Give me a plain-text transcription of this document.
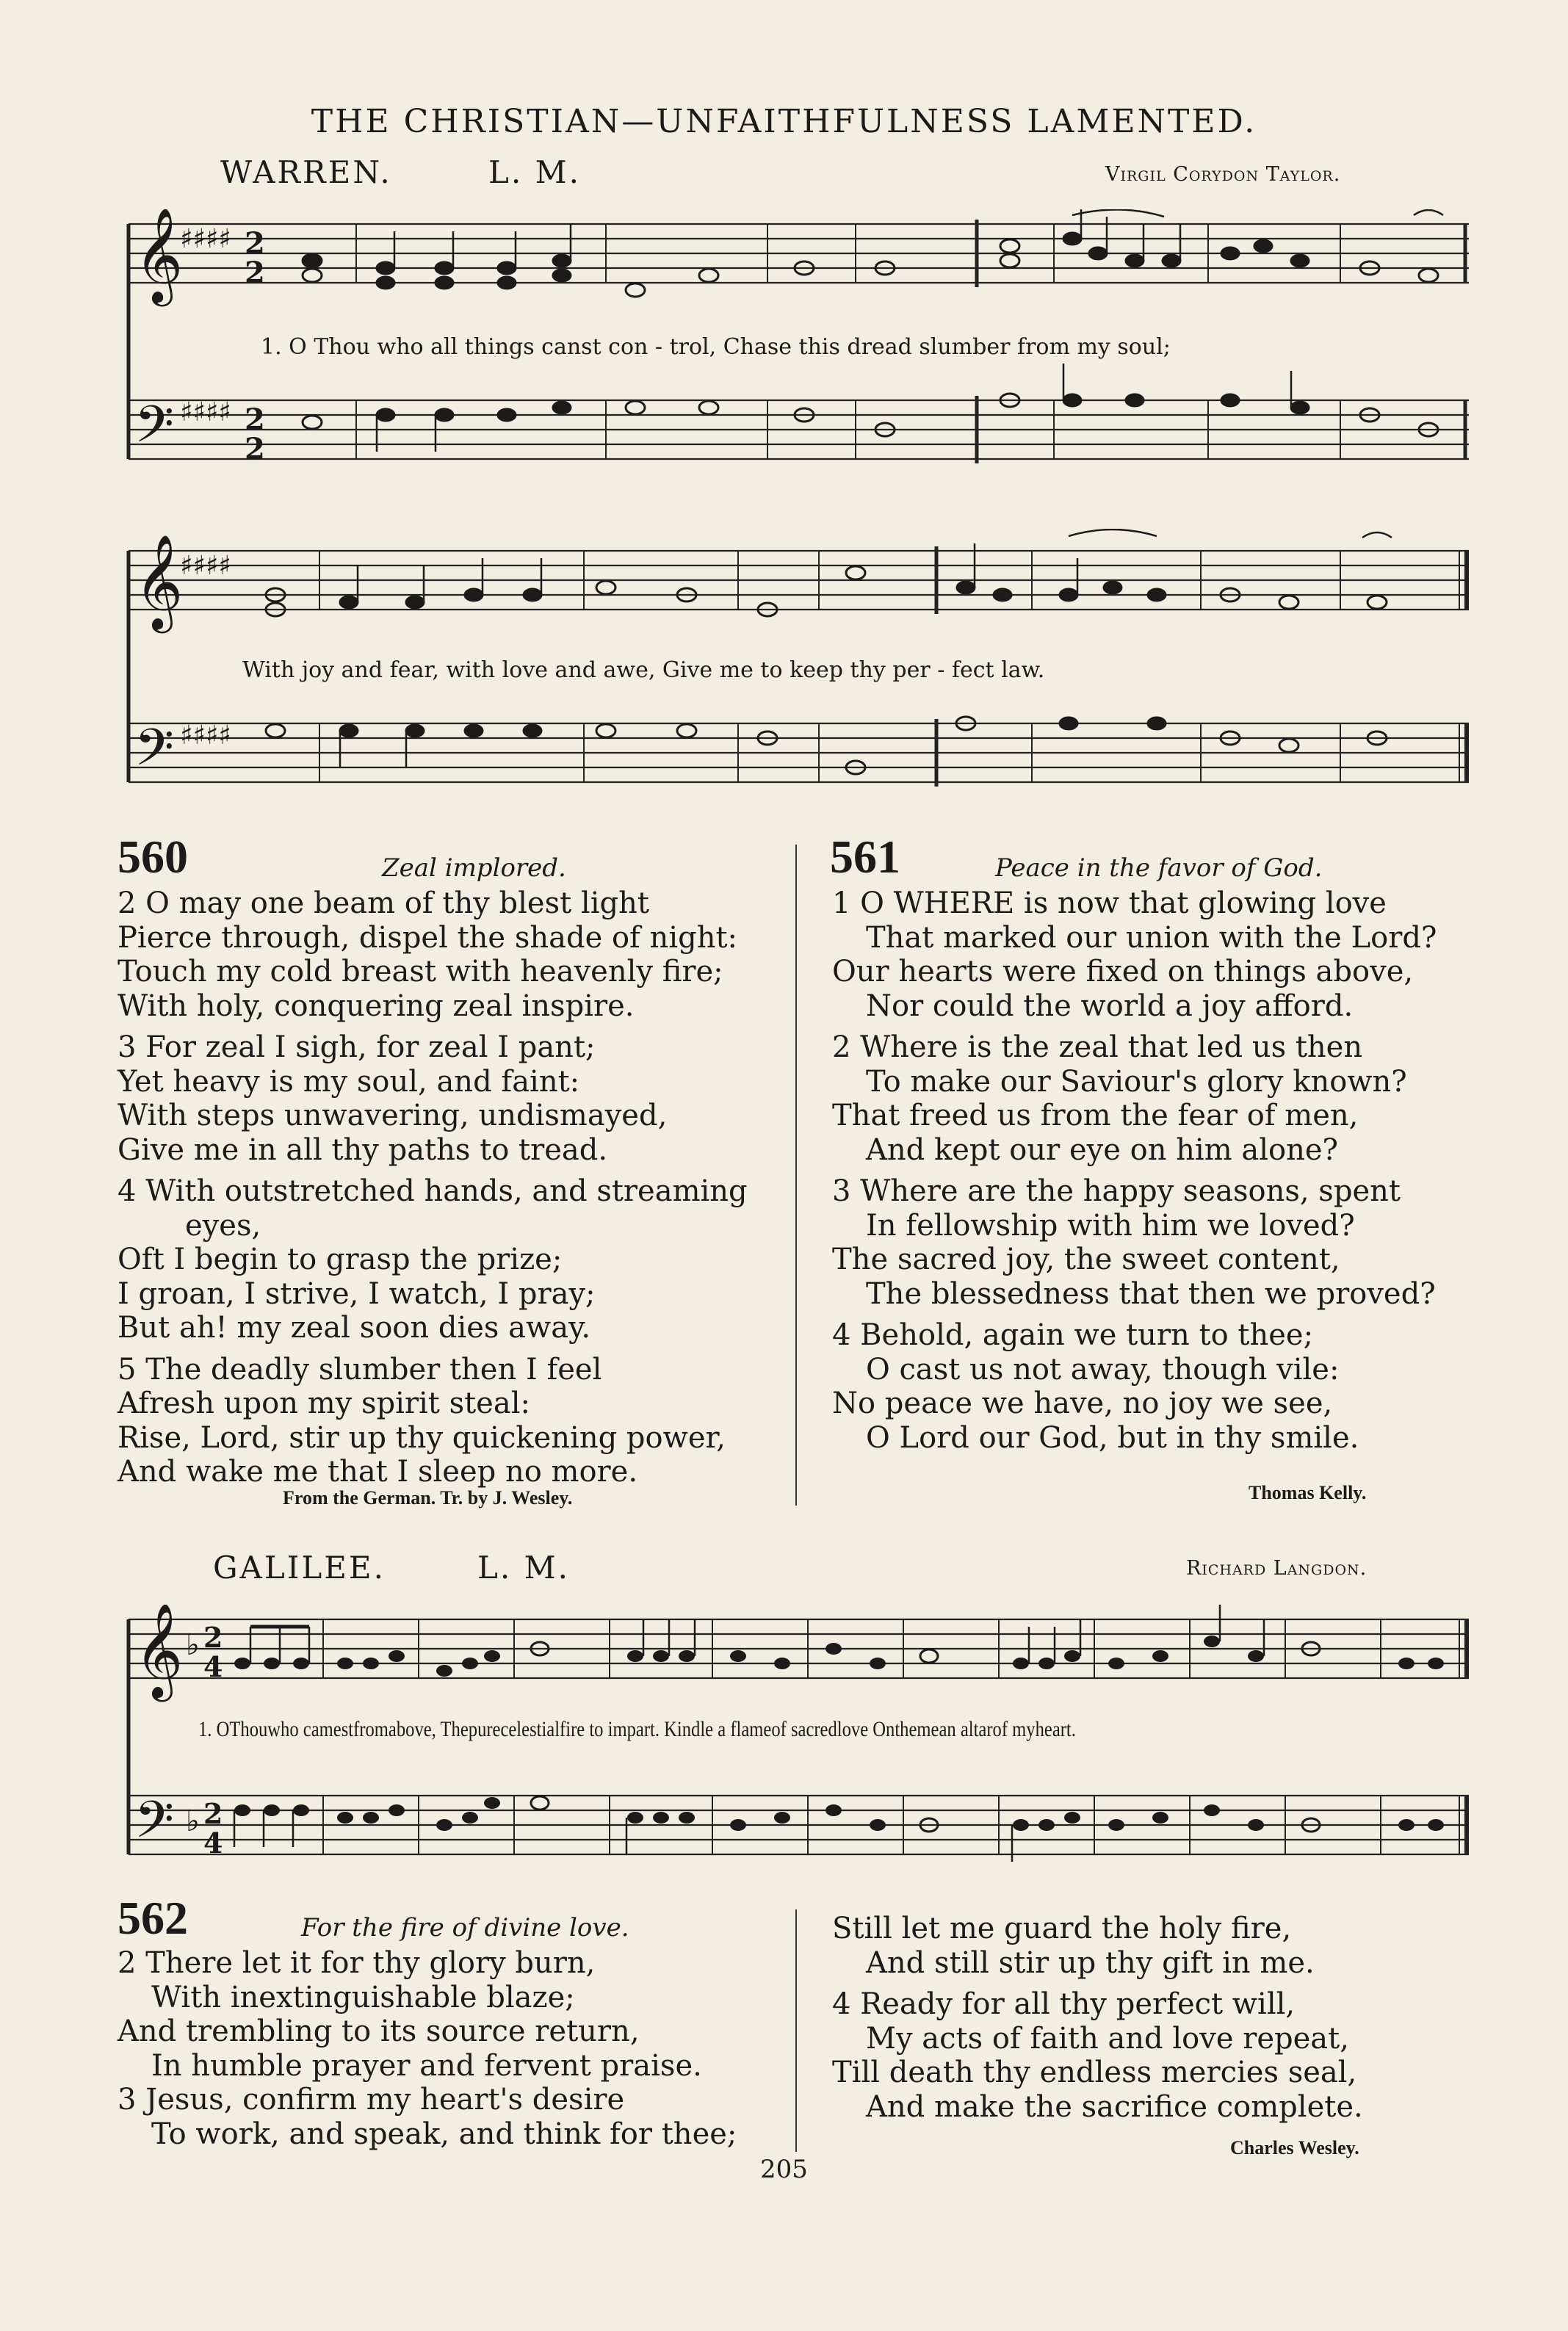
THE CHRISTIAN—UNFAITHFULNESS LAMENTED.
WARREN.	L. M.	Virgil Corydon Taylor.
𝄞
𝄢
♯♯♯♯
♯♯♯♯
2
2
2
2
1. O Thou who all things canst con - trol, Chase this dread slumber from my soul;
𝄞
𝄢
♯♯♯♯
♯♯♯♯
With joy and fear, with love and awe, Give me to keep thy per - fect law.
560	Zeal implored.
2 O may one beam of thy blest light
Pierce through, dispel the shade of night:
Touch my cold breast with heavenly fire;
With holy, conquering zeal inspire.
3 For zeal I sigh, for zeal I pant;
Yet heavy is my soul, and faint:
With steps unwavering, undismayed,
Give me in all thy paths to tread.
4 With outstretched hands, and streaming
eyes,
Oft I begin to grasp the prize;
I groan, I strive, I watch, I pray;
But ah! my zeal soon dies away.
5 The deadly slumber then I feel
Afresh upon my spirit steal:
Rise, Lord, stir up thy quickening power,
And wake me that I sleep no more.
From the German. Tr. by J. Wesley.
561	Peace in the favor of God.
1 O WHERE is now that glowing love
That marked our union with the Lord?
Our hearts were fixed on things above,
Nor could the world a joy afford.
2 Where is the zeal that led us then
To make our Saviour's glory known?
That freed us from the fear of men,
And kept our eye on him alone?
3 Where are the happy seasons, spent
In fellowship with him we loved?
The sacred joy, the sweet content,
The blessedness that then we proved?
4 Behold, again we turn to thee;
O cast us not away, though vile:
No peace we have, no joy we see,
O Lord our God, but in thy smile.
Thomas Kelly.
GALILEE.	L. M.	Richard Langdon.
𝄞
𝄢
♭
♭
2
4
2
4
1. OThouwho camestfromabove, Thepurecelestialfire to impart. Kindle a flameof sacredlove Onthemean altarof myheart.
562	For the fire of divine love.
2 There let it for thy glory burn,
With inextinguishable blaze;
And trembling to its source return,
In humble prayer and fervent praise.
3 Jesus, confirm my heart's desire
To work, and speak, and think for thee;
Still let me guard the holy fire,
And still stir up thy gift in me.
4 Ready for all thy perfect will,
My acts of faith and love repeat,
Till death thy endless mercies seal,
And make the sacrifice complete.
Charles Wesley.
205
